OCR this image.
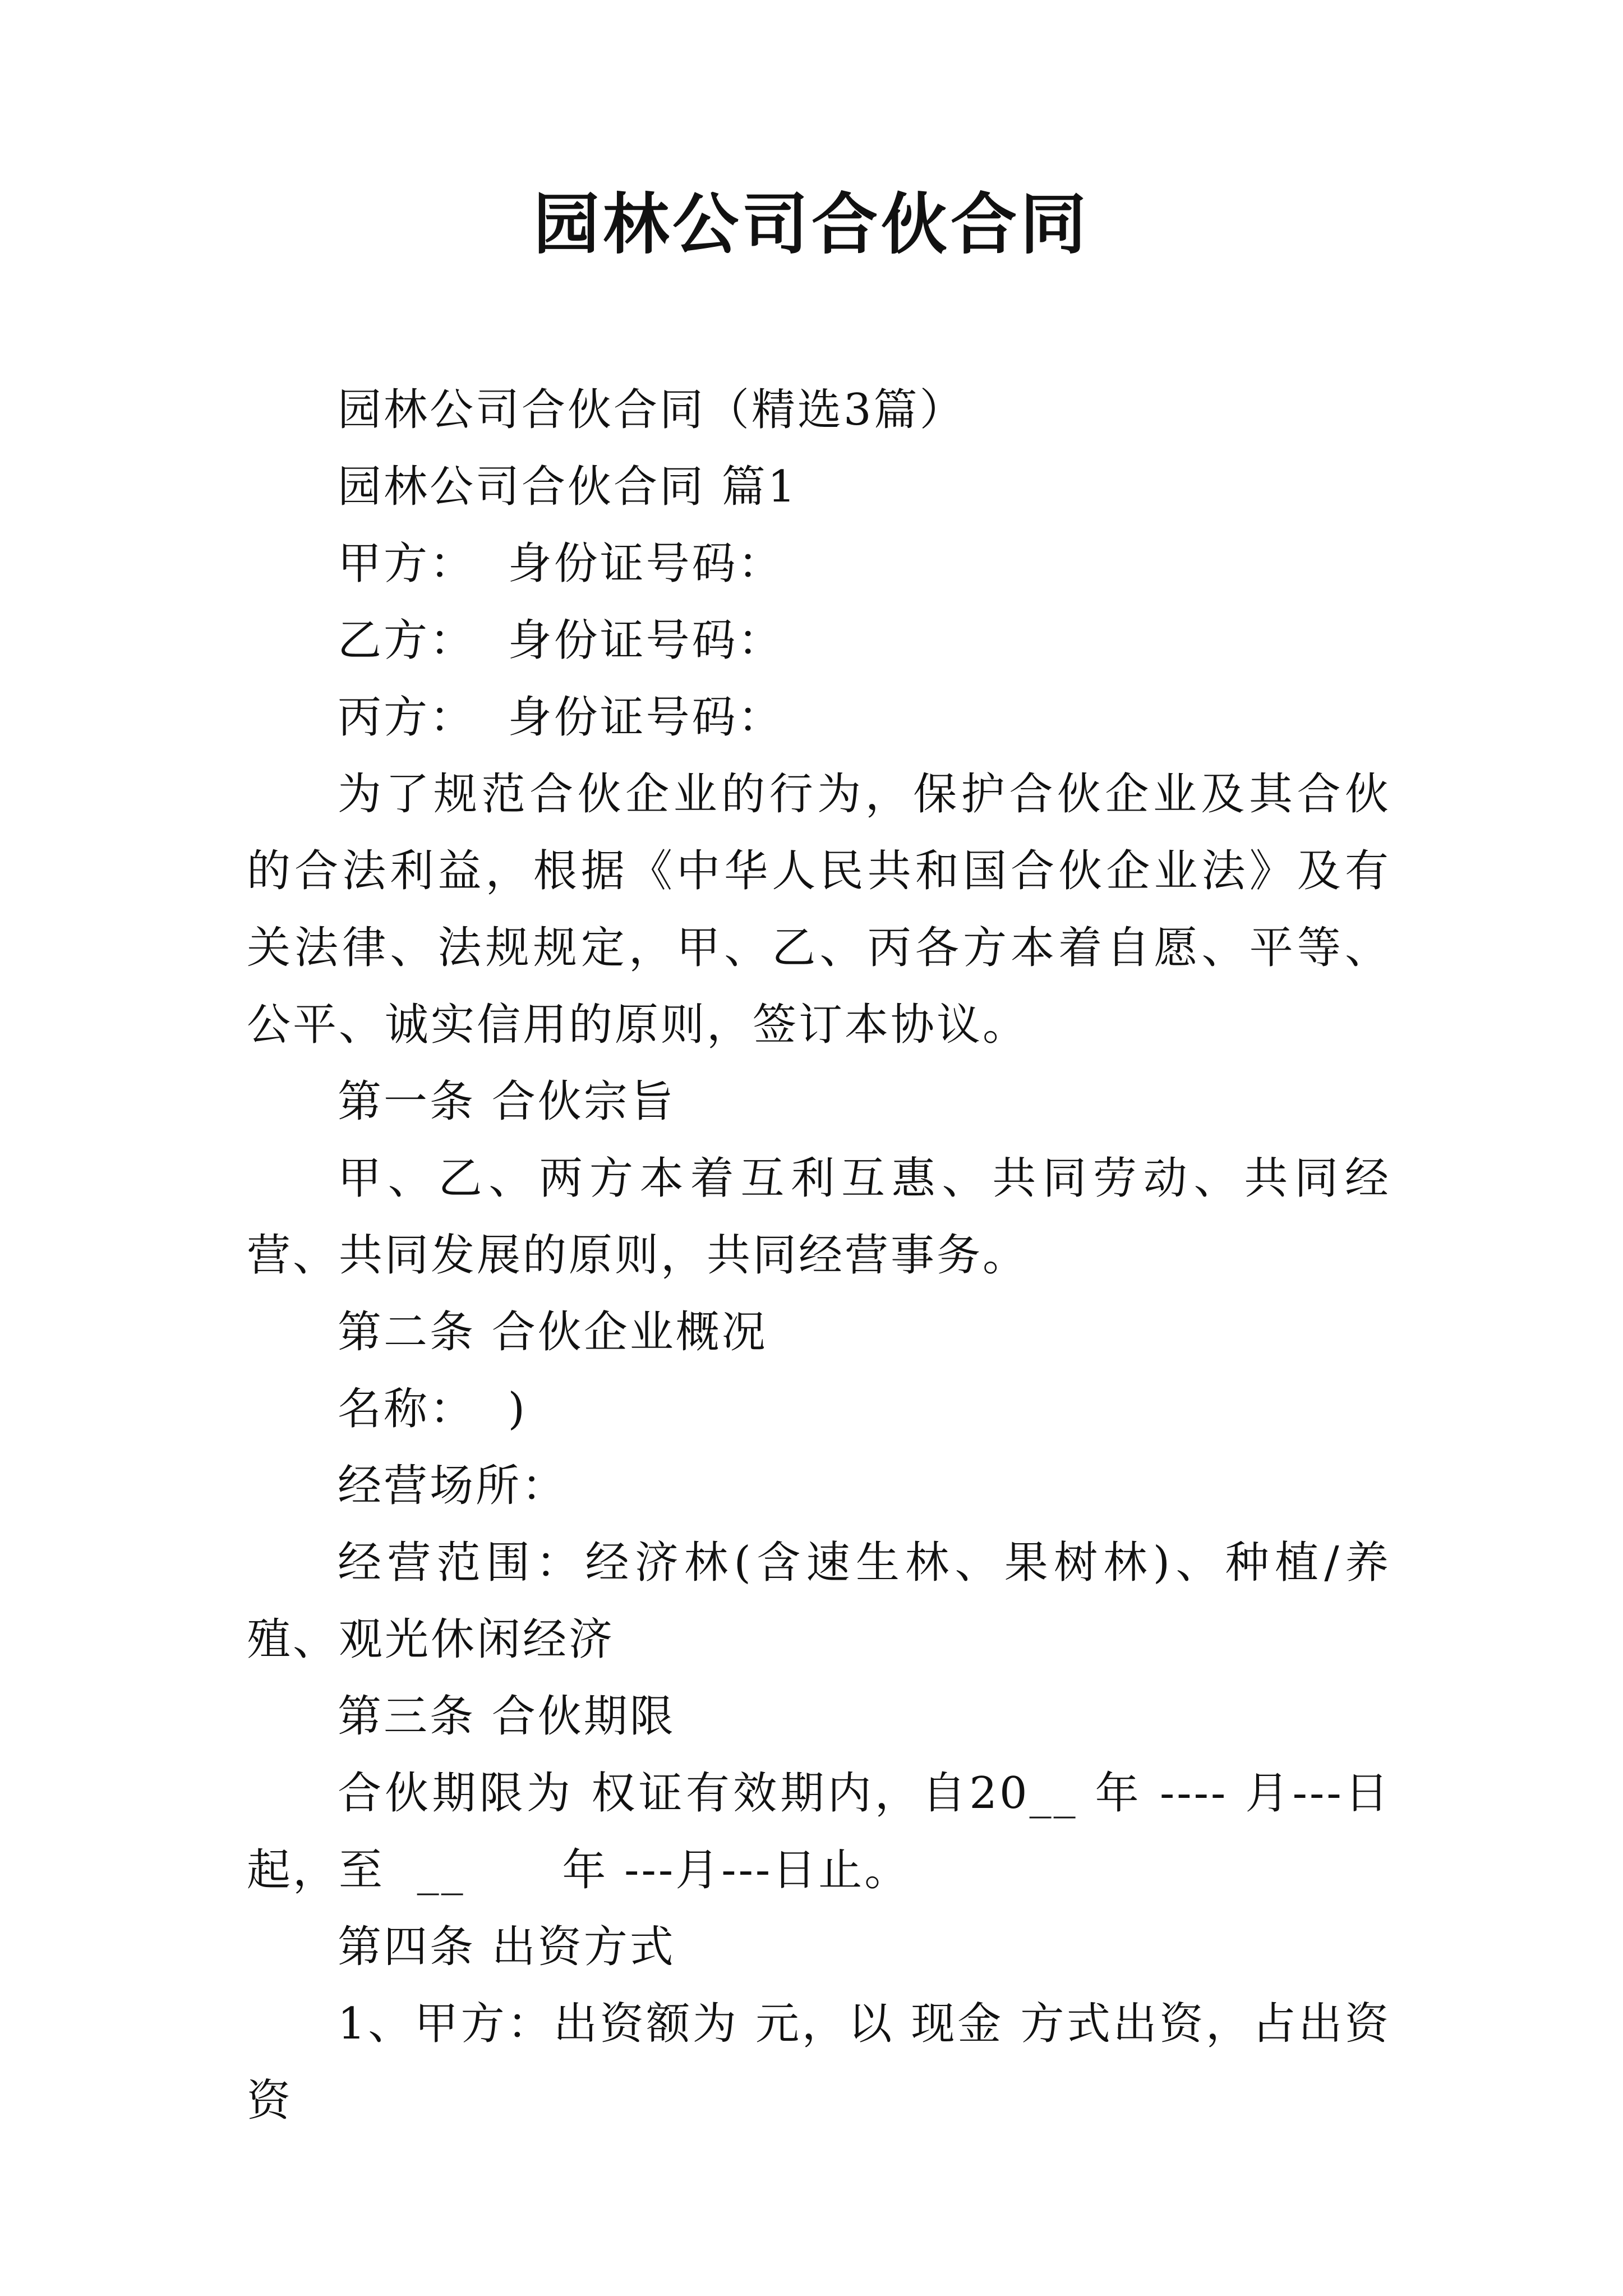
园林公司合伙合同

园林公司合伙合同（精选3篇）

园林公司合伙合同 篇1

甲方：  身份证号码：

乙方：  身份证号码：

丙方：  身份证号码：

为了规范合伙企业的行为，保护合伙企业及其合伙的合法利益，根据《中华人民共和国合伙企业法》及有关法律、法规规定，甲、乙、丙各方本着自愿、平等、公平、诚实信用的原则，签订本协议。

第一条 合伙宗旨

甲、乙、两方本着互利互惠、共同劳动、共同经营、共同发展的原则，共同经营事务。

第二条 合伙企业概况

名称：  )

经营场所：

经营范围：经济林(含速生林、果树林)、种植/养殖、观光休闲经济

第三条 合伙期限

合伙期限为 权证有效期内，自20__ 年 ---- 月---日起，至  __      年 ---月---日止。

第四条 出资方式

1、甲方：出资额为 元，以 现金 方式出资，占出资资
